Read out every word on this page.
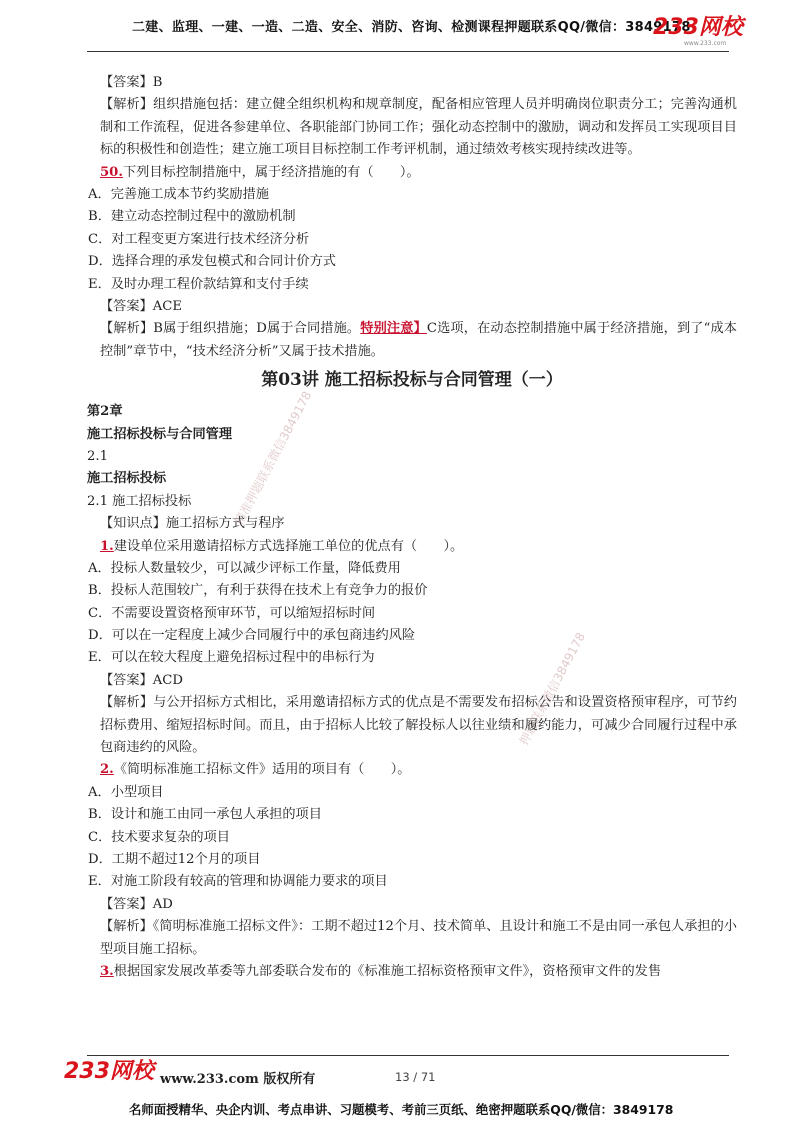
二建、监理、一建、一造、二造、安全、消防、咨询、检测课程押题联系QQ/微信：3849178
233网校
www.233.com
精准押题联系微信3849178
押题联系微信3849178
【答案】B
【解析】组织措施包括：建立健全组织机构和规章制度，配备相应管理人员并明确岗位职责分工；完善沟通机制和工作流程，促进各参建单位、各职能部门协同工作；强化动态控制中的激励，调动和发挥员工实现项目目标的积极性和创造性；建立施工项目目标控制工作考评机制，通过绩效考核实现持续改进等。
50.下列目标控制措施中，属于经济措施的有（　　）。
A．完善施工成本节约奖励措施
B．建立动态控制过程中的激励机制
C．对工程变更方案进行技术经济分析
D．选择合理的承发包模式和合同计价方式
E．及时办理工程价款结算和支付手续
【答案】ACE
【解析】B属于组织措施；D属于合同措施。特别注意】C选项，在动态控制措施中属于经济措施，到了“成本控制”章节中，“技术经济分析”又属于技术措施。
第03讲 施工招标投标与合同管理（一）
第2章
施工招标投标与合同管理
2.1
施工招标投标
2.1 施工招标投标
【知识点】施工招标方式与程序
1.建设单位采用邀请招标方式选择施工单位的优点有（　　）。
A．投标人数量较少，可以减少评标工作量，降低费用
B．投标人范围较广，有利于获得在技术上有竞争力的报价
C．不需要设置资格预审环节，可以缩短招标时间
D．可以在一定程度上减少合同履行中的承包商违约风险
E．可以在较大程度上避免招标过程中的串标行为
【答案】ACD
【解析】与公开招标方式相比，采用邀请招标方式的优点是不需要发布招标公告和设置资格预审程序，可节约招标费用、缩短招标时间。而且，由于招标人比较了解投标人以往业绩和履约能力，可减少合同履行过程中承包商违约的风险。
2.《简明标准施工招标文件》适用的项目有（　　）。
A．小型项目
B．设计和施工由同一承包人承担的项目
C．技术要求复杂的项目
D．工期不超过12个月的项目
E．对施工阶段有较高的管理和协调能力要求的项目
【答案】AD
【解析】《简明标准施工招标文件》：工期不超过12个月、技术简单、且设计和施工不是由同一承包人承担的小型项目施工招标。
3.根据国家发展改革委等九部委联合发布的《标准施工招标资格预审文件》，资格预审文件的发售
233网校 www.233.com 版权所有	13 / 71
名师面授精华、央企内训、考点串讲、习题模考、考前三页纸、绝密押题联系QQ/微信：3849178
